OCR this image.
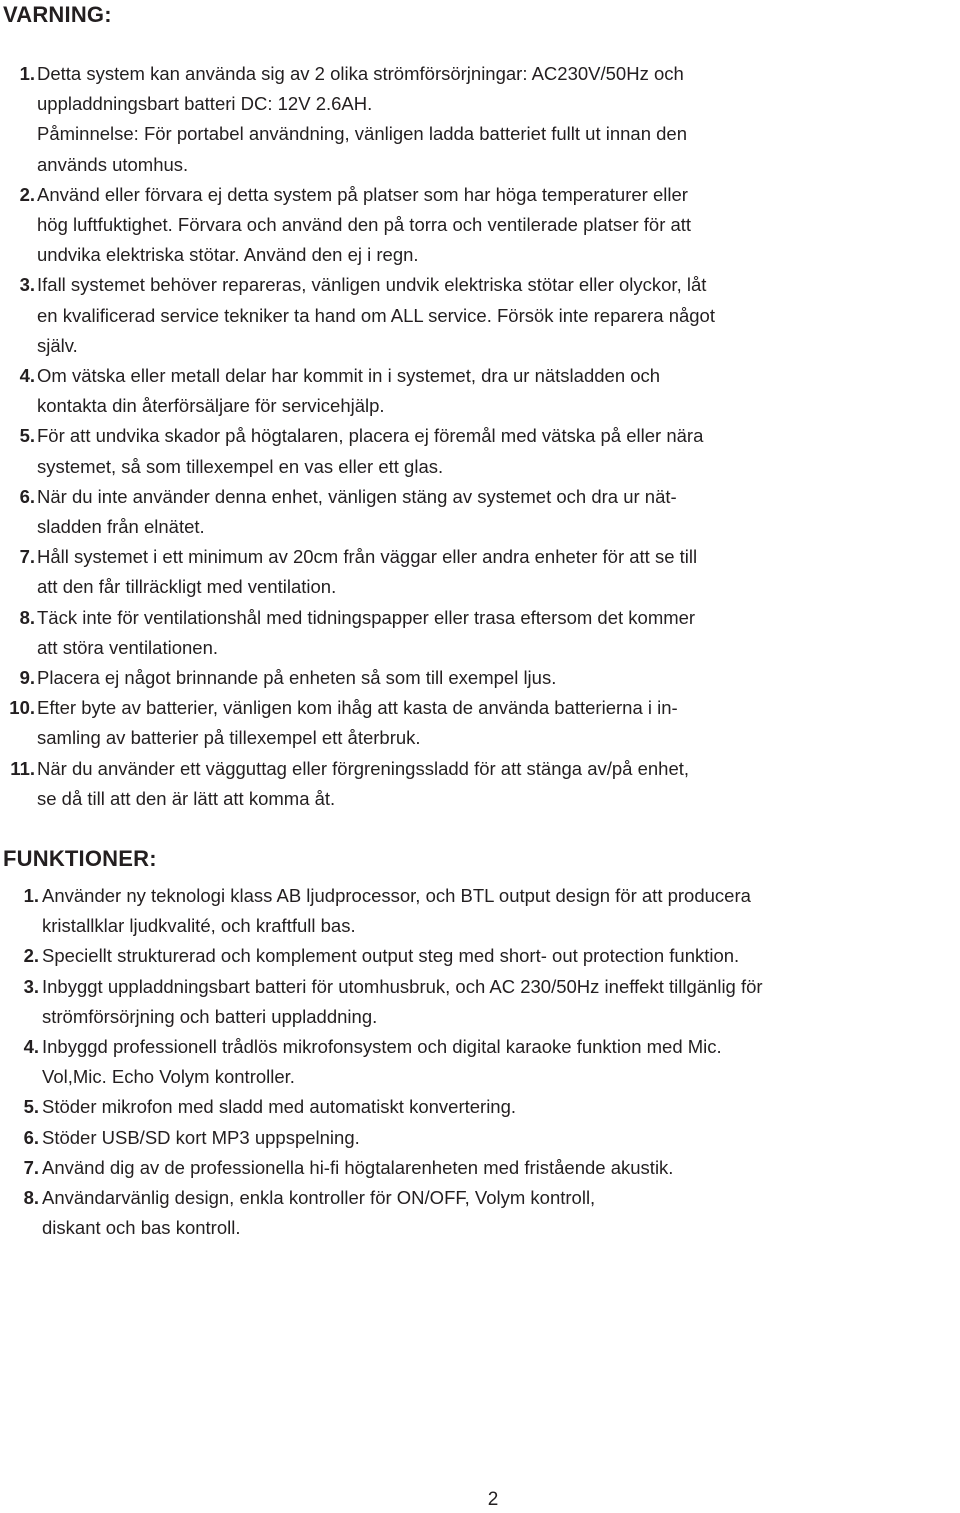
VARNING:
1. Detta system kan använda sig av 2 olika strömförsörjningar: AC230V/50Hz och
uppladdningsbart batteri DC: 12V 2.6AH.
Påminnelse: För portabel användning, vänligen ladda batteriet fullt ut innan den
används utomhus.
2. Använd eller förvara ej detta system på platser som har höga temperaturer eller
hög luftfuktighet. Förvara och använd den på torra och ventilerade platser för att
undvika elektriska stötar. Använd den ej i regn.
3. Ifall systemet behöver repareras, vänligen undvik elektriska stötar eller olyckor, låt
en kvalificerad service tekniker ta hand om ALL service. Försök inte reparera något
själv.
4. Om vätska eller metall delar har kommit in i systemet, dra ur nätsladden och
kontakta din återförsäljare för servicehjälp.
5. För att undvika skador på högtalaren, placera ej föremål med vätska på eller nära
systemet, så som tillexempel en vas eller ett glas.
6. När du inte använder denna enhet, vänligen stäng av systemet och dra ur nät-
sladden från elnätet.
7. Håll systemet i ett minimum av 20cm från väggar eller andra enheter för att se till
att den får tillräckligt med ventilation.
8. Täck inte för ventilationshål med tidningspapper eller trasa eftersom det kommer
att störa ventilationen.
9. Placera ej något brinnande på enheten så som till exempel ljus.
10. Efter byte av batterier, vänligen kom ihåg att kasta de använda batterierna i in-
samling av batterier på tillexempel ett återbruk.
11. När du använder ett vägguttag eller förgreningssladd för att stänga av/på enhet,
se då till att den är lätt att komma åt.
FUNKTIONER:
1. Använder ny teknologi klass AB ljudprocessor, och BTL output design för att producera
kristallklar ljudkvalité, och kraftfull bas.
2. Speciellt strukturerad och komplement output steg med short- out protection funktion.
3. Inbyggt uppladdningsbart batteri för utomhusbruk, och AC 230/50Hz ineffekt tillgänlig för
strömförsörjning och batteri uppladdning.
4. Inbyggd professionell trådlös mikrofonsystem och digital karaoke funktion med Mic.
Vol,Mic. Echo Volym kontroller.
5. Stöder mikrofon med sladd med automatiskt konvertering.
6. Stöder USB/SD kort MP3 uppspelning.
7. Använd dig av de professionella hi-fi högtalarenheten med fristående akustik.
8. Användarvänlig design, enkla kontroller för ON/OFF, Volym kontroll,
diskant och bas kontroll.
2
